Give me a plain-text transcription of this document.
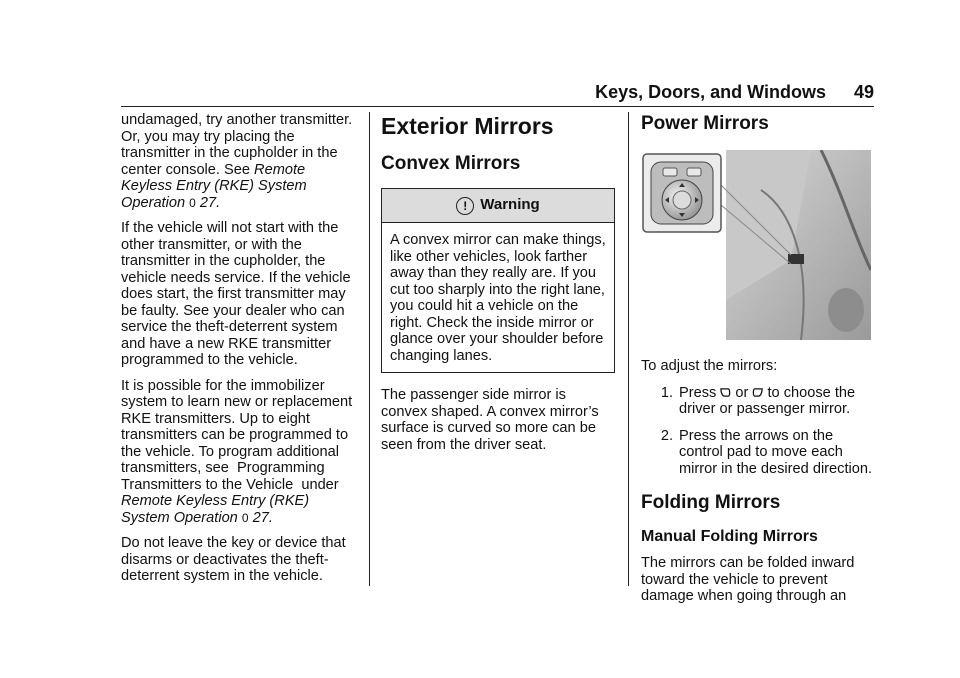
Keys, Doors, and Windows 49

undamaged, try another transmitter. Or, you may try placing the transmitter in the cupholder in the center console. See Remote Keyless Entry (RKE) System Operation 0 27.

If the vehicle will not start with the other transmitter, or with the transmitter in the cupholder, the vehicle needs service. If the vehicle does start, the first transmitter may be faulty. See your dealer who can service the theft-deterrent system and have a new RKE transmitter programmed to the vehicle.

It is possible for the immobilizer system to learn new or replacement RKE transmitters. Up to eight transmitters can be programmed to the vehicle. To program additional transmitters, see  Programming Transmitters to the Vehicle  under Remote Keyless Entry (RKE) System Operation 0 27.

Do not leave the key or device that disarms or deactivates the theft-deterrent system in the vehicle.

Exterior Mirrors
Convex Mirrors
! Warning
A convex mirror can make things, like other vehicles, look farther away than they really are. If you cut too sharply into the right lane, you could hit a vehicle on the right. Check the inside mirror or glance over your shoulder before changing lanes.

The passenger side mirror is convex shaped. A convex mirror’s surface is curved so more can be seen from the driver seat.

Power Mirrors

To adjust the mirrors:

1. Press  or  to choose the driver or passenger mirror.
2. Press the arrows on the control pad to move each mirror in the desired direction.
Folding Mirrors
Manual Folding Mirrors

The mirrors can be folded inward toward the vehicle to prevent damage when going through an
